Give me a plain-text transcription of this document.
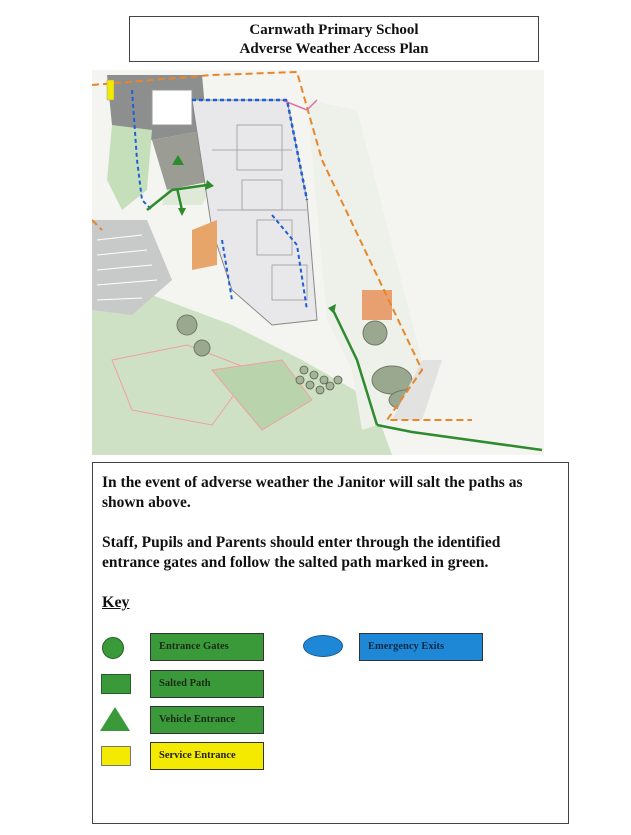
Carnwath Primary School
Adverse Weather Access Plan

In the event of adverse weather the Janitor will salt the paths as shown above.

Staff, Pupils and Parents should enter through the identified entrance gates and follow the salted path marked in green.

Key
Entrance Gates	Emergency Exits
Salted Path
Vehicle Entrance
Service Entrance
